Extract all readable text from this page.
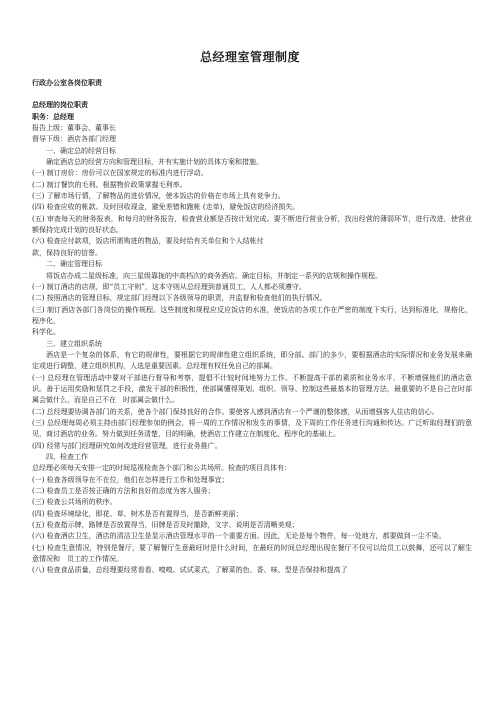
总经理室管理制度

行政办公室各岗位职责

总经理的岗位职责

职务：总经理

报告上级：董事会、董事长

督导下级：酒店各部门经理

一、确定总的经营目标

确定酒店总的经营方向和管理目标，并有实施计划的具体方案和措施。

(一) 制订房价：房价可以在国家规定的标准内进行浮动。

(二) 制订餐饮的毛利。根据物价政策掌握毛利率。

(三) 了解市场行情，了解物品的进价情况，使本饭店的价格在市场上具有竞争力。

(四) 检查应收的帐款。及时回收现金，避免差错和跑帐 (走单)，避免饭店的经济损失。

(五) 审查每天的财务报表，和每月的财务报告，检查营业额是否按计划完成。要不断进行营业分析，找出经营的薄弱环节，进行改进，使营业额保持完成计划的良好状态。

(六) 检查应付款项，饭店所需购进的物品，要及时给有关单位和个人结帐付

款，保持良好的信誉。

二、确定管理目标

将饭店办成二星级标准，向三星级靠拢的中高档次的商务酒店。确定目标，并制定一系列的店规和操作规程。

(一) 制订酒店的店规，即“员工守则”，这本守则从总经理到普通员工，人人都必须遵守。

(二) 按照酒店的管理目标，规定部门经理以下各级领导的职责，并监督和检查他们的执行情况。

(三) 制订酒店各部门各岗位的操作规程。这些制度和规程应反应饭店的水准，使饭店的各项工作在严密的制度下实行，达到标准化，规格化，程序化，

科学化。

三、建立组织系统

酒店是一个复杂的体系，有它的规律性，要根据它的规律性建立组织系统，即分部。部门的多少，要根据酒店的实际情况和业务发展来确定或进行调整，建立组织机构，人选是重要因素。总经理有权任免自己的部属。

(一) 总经理在管理活动中要对干部进行督导和考察，提倡不计较时间地努力工作。不断提高干部的素质和业务水平，不断增强他们的酒店意识。善于运用奖励和惩罚之手段，激发干部的积极性，使部属懂得策划、组织、领导、控制这些最基本的管理方法，最重要的不是自己在时部属会做什么，而是自己不在　时部属会做什么。

(二) 总经理要协调各部门的关系，使各个部门保持良好的合作。要使客人感到酒店有一个严谨的整体感，从而增强客人住店的信心。

(三) 总经理每周必须主持由部门经理参加的例会，将一周的工作情况和发生的事情，及下周的工作任务进行沟通和传达。广泛听取经理们的意见，商讨酒店的业务。努力做到任务清楚，目的明确，使酒店工作建立在制度化、程序化的基础上。

(四) 经常与部门经理研究如何改进经营管理，进行业务推广。

四、检查工作

总经理必须每天安排一定的时间巡视检查各个部门和公共场所。检查的项目具体有：

(一) 检查各级领导在不在位，他们在怎样进行工作和处理事宜；

(二) 检查员工是否按正确的方法和良好的态度为客人服务；

(三) 检查公共场所的秩序。

(四) 检查环境绿化，即花、草、树木是否有置得当，是否新鲜美丽；

(五) 检查指示牌，路牌是否放置得当，旧牌是否及时撤除，文字、说明是否清晰美观；

(六) 检查酒店卫生，酒店的清洁卫生是显示酒店管理水平的一个重要方面。因此，无论是每个物件，每一处地方，都要做到一尘不染。

(七) 检查生意情况，特别是餐厅，要了解餐厅生意最旺时是什么时间，在最旺的时间总经理出现在餐厅不仅可以给员工以鼓舞，还可以了解生意情况和　员工的工作情况。

(八) 检查食品质量，总经理要经常看看、嗅嗅、试试菜式，了解菜的色、香、味、型是否保持和提高了
